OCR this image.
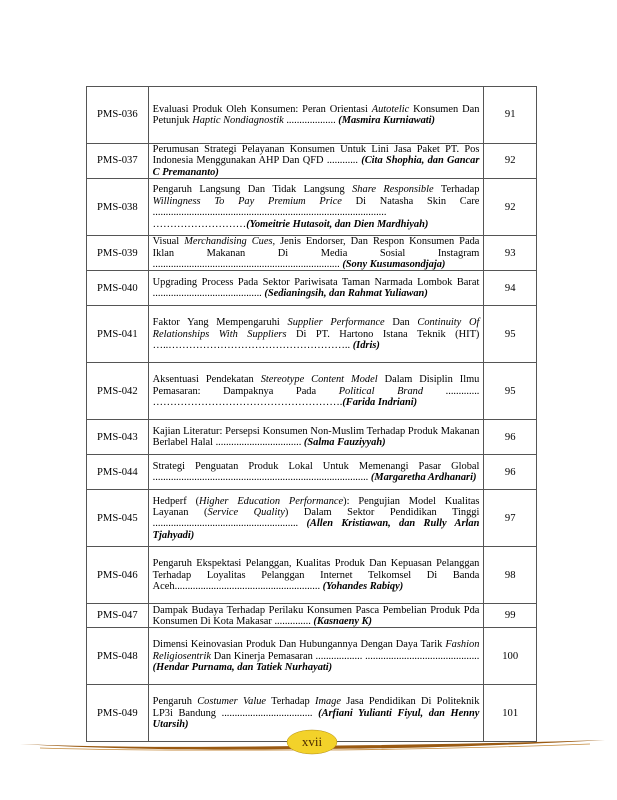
PMS-036	Evaluasi Produk Oleh Konsumen: Peran Orientasi Autotelic Konsumen Dan Petunjuk Haptic Nondiagnostik ................... (Masmira Kurniawati)	91
PMS-037	Perumusan Strategi Pelayanan Konsumen Untuk Lini Jasa Paket PT. Pos Indonesia Menggunakan AHP Dan QFD ............ (Cita Shophia, dan Gancar C Premananto)	92
PMS-038	Pengaruh Langsung Dan Tidak Langsung Share Responsible Terhadap Willingness To Pay Premium Price Di Natasha Skin Care .......................................................................................... ………………………(Yomeitrie Hutasoit, dan Dien Mardhiyah)	92
PMS-039	Visual Merchandising Cues, Jenis Endorser, Dan Respon Konsumen Pada Iklan Makanan Di Media Sosial Instagram ........................................................................ (Sony Kusumasondjaja)	93
PMS-040	Upgrading Process Pada Sektor Pariwisata Taman Narmada Lombok Barat .......................................... (Sedianingsih, dan Rahmat Yuliawan)	94
PMS-041	Faktor Yang Mempengaruhi Supplier Performance Dan Continuity Of Relationships With Suppliers Di PT. Hartono Istana Teknik (HIT) …..…………………………………………….. (Idris)	95
PMS-042	Aksentuasi Pendekatan Stereotype Content Model Dalam Disiplin Ilmu Pemasaran: Dampaknya Pada Political Brand ............. ……………………………………………….(Farida Indriani)	95
PMS-043	Kajian Literatur: Persepsi Konsumen Non-Muslim Terhadap Produk Makanan Berlabel Halal ................................. (Salma Fauziyyah)	96
PMS-044	Strategi Penguatan Produk Lokal Untuk Memenangi Pasar Global ................................................................................... (Margaretha Ardhanari)	96
PMS-045	Hedperf (Higher Education Performance): Pengujian Model Kualitas Layanan (Service Quality) Dalam Sektor Pendidikan Tinggi ........................................................ (Allen Kristiawan, dan Rully Arlan Tjahyadi)	97
PMS-046	Pengaruh Ekspektasi Pelanggan, Kualitas Produk Dan Kepuasan Pelanggan Terhadap Loyalitas Pelanggan Internet Telkomsel Di Banda Aceh........................................................ (Yohandes Rabiqy)	98
PMS-047	Dampak Budaya Terhadap Perilaku Konsumen Pasca Pembelian Produk Pda Konsumen Di Kota Makasar .............. (Kasnaeny K)	99
PMS-048	Dimensi Keinovasian Produk Dan Hubungannya Dengan Daya Tarik Fashion Religiosentrik Dan Kinerja Pemasaran .................. ............................................ (Hendar Purnama, dan Tatiek Nurhayati)	100
PMS-049	Pengaruh Costumer Value Terhadap Image Jasa Pendidikan Di Politeknik LP3i Bandung ................................... (Arfiani Yulianti Fiyul, dan Henny Utarsih)	101
xvii
